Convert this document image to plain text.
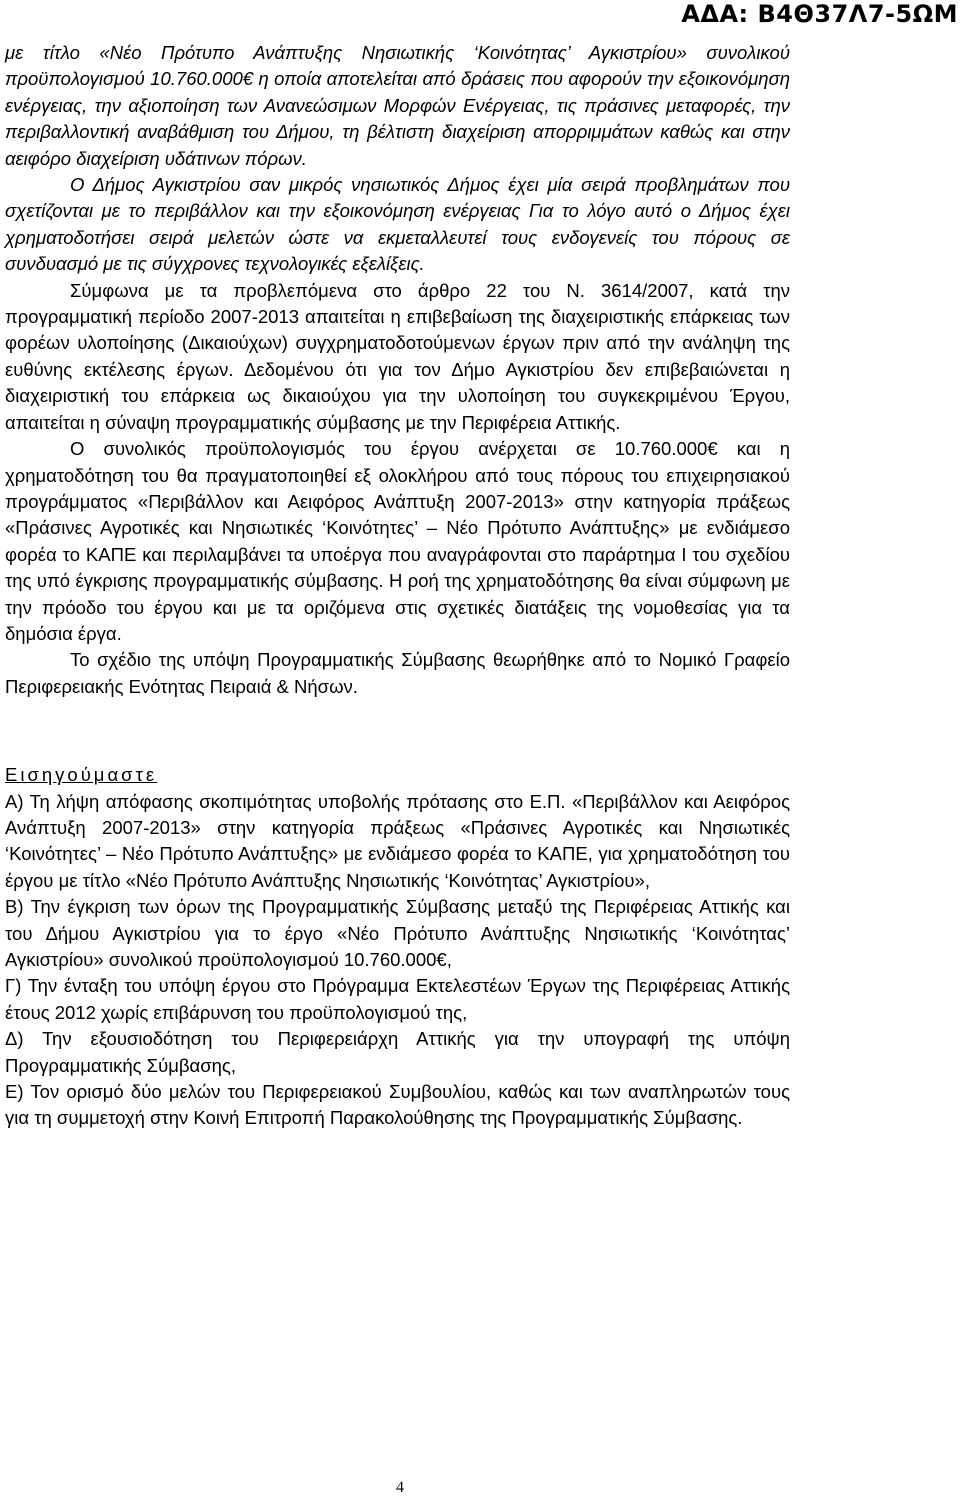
ΑΔΑ: Β4Θ37Λ7-5ΩΜ

με τίτλο «Νέο Πρότυπο Ανάπτυξης Νησιωτικής ‘Κοινότητας’ Αγκιστρίου» συνολικού προϋπολογισμού 10.760.000€ η οποία αποτελείται από δράσεις που αφορούν την εξοικονόμηση ενέργειας, την αξιοποίηση των Ανανεώσιμων Μορφών Ενέργειας, τις πράσινες μεταφορές, την περιβαλλοντική αναβάθμιση του Δήμου, τη βέλτιστη διαχείριση απορριμμάτων καθώς και στην αειφόρο διαχείριση υδάτινων πόρων.

Ο Δήμος Αγκιστρίου σαν μικρός νησιωτικός Δήμος έχει μία σειρά προβλημάτων που σχετίζονται με το περιβάλλον και την εξοικονόμηση ενέργειας Για το λόγο αυτό ο Δήμος έχει χρηματοδοτήσει σειρά μελετών ώστε να εκμεταλλευτεί τους ενδογενείς του πόρους σε συνδυασμό με τις σύγχρονες τεχνολογικές εξελίξεις.

Σύμφωνα με τα προβλεπόμενα στο άρθρο 22 του Ν. 3614/2007, κατά την προγραμματική περίοδο 2007-2013 απαιτείται η επιβεβαίωση της διαχειριστικής επάρκειας των φορέων υλοποίησης (Δικαιούχων) συγχρηματοδοτούμενων έργων πριν από την ανάληψη της ευθύνης εκτέλεσης έργων. Δεδομένου ότι για τον Δήμο Αγκιστρίου δεν επιβεβαιώνεται η διαχειριστική του επάρκεια ως δικαιούχου για την υλοποίηση του συγκεκριμένου Έργου, απαιτείται η σύναψη προγραμματικής σύμβασης με την Περιφέρεια Αττικής.

Ο συνολικός προϋπολογισμός του έργου ανέρχεται σε 10.760.000€ και η χρηματοδότηση του θα πραγματοποιηθεί εξ ολοκλήρου από τους πόρους του επιχειρησιακού προγράμματος «Περιβάλλον και Αειφόρος Ανάπτυξη 2007-2013» στην κατηγορία πράξεως «Πράσινες Αγροτικές και Νησιωτικές ‘Κοινότητες’ – Νέο Πρότυπο Ανάπτυξης» με ενδιάμεσο φορέα το ΚΑΠΕ και περιλαμβάνει τα υποέργα που αναγράφονται στο παράρτημα Ι του σχεδίου της υπό έγκρισης προγραμματικής σύμβασης. Η ροή της χρηματοδότησης θα είναι σύμφωνη με την πρόοδο του έργου και με τα οριζόμενα στις σχετικές διατάξεις της νομοθεσίας για τα δημόσια έργα.

Το σχέδιο της υπόψη Προγραμματικής Σύμβασης θεωρήθηκε από το Νομικό Γραφείο Περιφερειακής Ενότητας Πειραιά & Νήσων.

Εισηγούμαστε

Α) Τη λήψη απόφασης σκοπιμότητας υποβολής πρότασης στο Ε.Π. «Περιβάλλον και Αειφόρος Ανάπτυξη 2007-2013» στην κατηγορία πράξεως «Πράσινες Αγροτικές και Νησιωτικές ‘Κοινότητες’ – Νέο Πρότυπο Ανάπτυξης» με ενδιάμεσο φορέα το ΚΑΠΕ, για χρηματοδότηση του έργου με τίτλο «Νέο Πρότυπο Ανάπτυξης Νησιωτικής ‘Κοινότητας’ Αγκιστρίου»,

Β) Την έγκριση των όρων της Προγραμματικής Σύμβασης μεταξύ της Περιφέρειας Αττικής και του Δήμου Αγκιστρίου για το έργο «Νέο Πρότυπο Ανάπτυξης Νησιωτικής ‘Κοινότητας’ Αγκιστρίου» συνολικού προϋπολογισμού 10.760.000€,

Γ) Την ένταξη του υπόψη έργου στο Πρόγραμμα Εκτελεστέων Έργων της Περιφέρειας Αττικής έτους 2012 χωρίς επιβάρυνση του προϋπολογισμού της,

Δ) Την εξουσιοδότηση του Περιφερειάρχη Αττικής για την υπογραφή της υπόψη Προγραμματικής Σύμβασης,

Ε) Τον ορισμό δύο μελών του Περιφερειακού Συμβουλίου, καθώς και των αναπληρωτών τους για τη συμμετοχή στην Κοινή Επιτροπή Παρακολούθησης της Προγραμματικής Σύμβασης.

4
